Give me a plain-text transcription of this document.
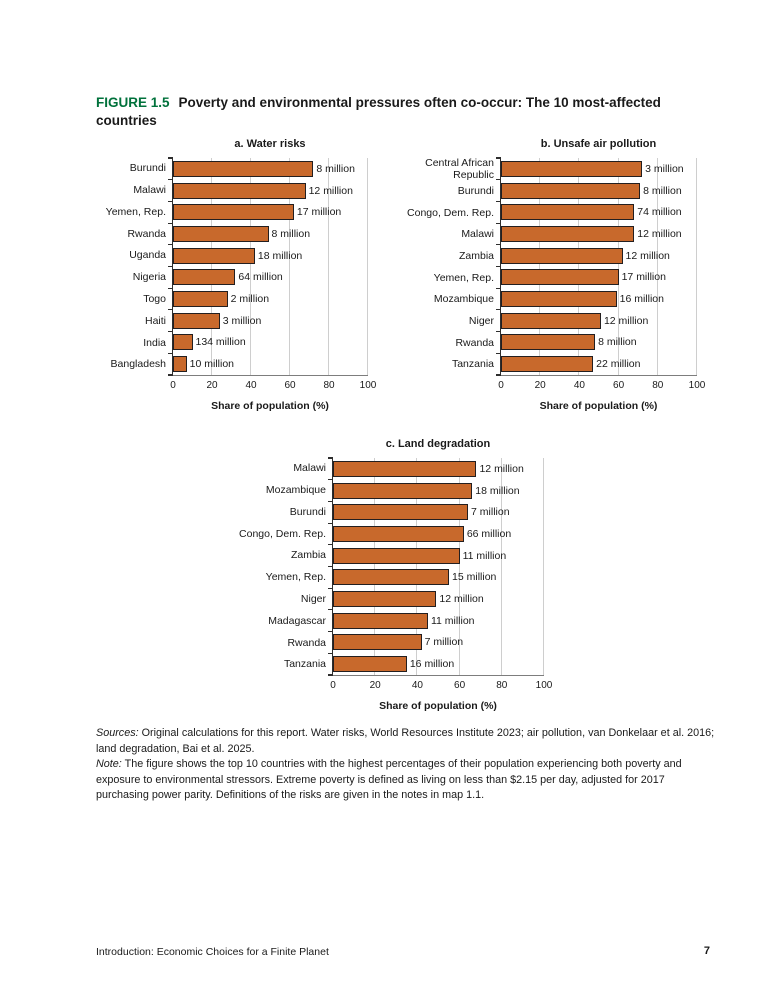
FIGURE 1.5 Poverty and environmental pressures often co-occur: The 10 most-affected countries
a. Water risks
Burundi
Malawi
Yemen, Rep.
Rwanda
Uganda
Nigeria
Togo
Haiti
India
Bangladesh
8 million
12 million
17 million
8 million
18 million
64 million
2 million
3 million
134 million
10 million
0	20	40	60	80	100
Share of population (%)
b. Unsafe air pollution
Central African Republic
Burundi
Congo, Dem. Rep.
Malawi
Zambia
Yemen, Rep.
Mozambique
Niger
Rwanda
Tanzania
3 million
8 million
74 million
12 million
12 million
17 million
16 million
12 million
8 million
22 million
0	20	40	60	80	100
Share of population (%)
c. Land degradation
Malawi
Mozambique
Burundi
Congo, Dem. Rep.
Zambia
Yemen, Rep.
Niger
Madagascar
Rwanda
Tanzania
12 million
18 million
7 million
66 million
11 million
15 million
12 million
11 million
7 million
16 million
0	20	40	60	80	100
Share of population (%)

Sources: Original calculations for this report. Water risks, World Resources Institute 2023; air pollution, van Donkelaar et al. 2016; land degradation, Bai et al. 2025.

Note: The figure shows the top 10 countries with the highest percentages of their population experiencing both poverty and exposure to environmental stressors. Extreme poverty is defined as living on less than $2.15 per day, adjusted for 2017 purchasing power parity. Definitions of the risks are given in the notes in map 1.1.

Introduction: Economic Choices for a Finite Planet	7
